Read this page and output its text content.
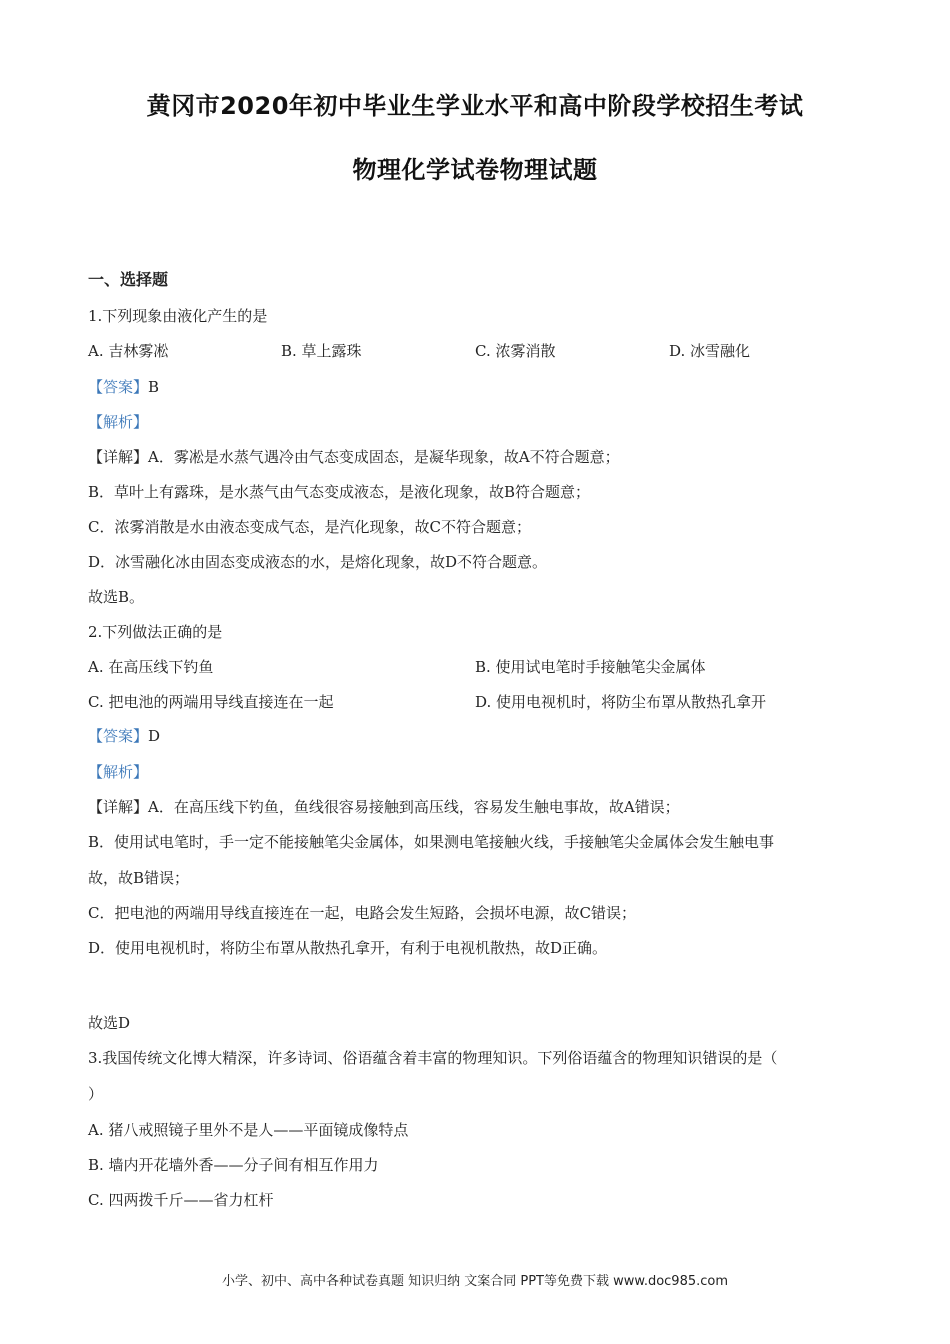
黄冈市2020年初中毕业生学业水平和高中阶段学校招生考试
物理化学试卷物理试题
一、选择题
1.下列现象由液化产生的是
A. 吉林雾凇	B. 草上露珠	C. 浓雾消散	D. 冰雪融化
【答案】B
【解析】
【详解】A．雾凇是水蒸气遇冷由气态变成固态，是凝华现象，故A不符合题意；
B．草叶上有露珠，是水蒸气由气态变成液态，是液化现象，故B符合题意；
C．浓雾消散是水由液态变成气态，是汽化现象，故C不符合题意；
D．冰雪融化冰由固态变成液态的水，是熔化现象，故D不符合题意。
故选B。
2.下列做法正确的是
A. 在高压线下钓鱼	B. 使用试电笔时手接触笔尖金属体
C. 把电池的两端用导线直接连在一起	D. 使用电视机时，将防尘布罩从散热孔拿开
【答案】D
【解析】
【详解】A．在高压线下钓鱼，鱼线很容易接触到高压线，容易发生触电事故，故A错误；
B．使用试电笔时，手一定不能接触笔尖金属体，如果测电笔接触火线，手接触笔尖金属体会发生触电事
故，故B错误；
C．把电池的两端用导线直接连在一起，电路会发生短路，会损坏电源，故C错误；
D．使用电视机时，将防尘布罩从散热孔拿开，有利于电视机散热，故D正确。
故选D
3.我国传统文化博大精深，许多诗词、俗语蕴含着丰富的物理知识。下列俗语蕴含的物理知识错误的是（
）
A. 猪八戒照镜子里外不是人——平面镜成像特点
B. 墙内开花墙外香——分子间有相互作用力
C. 四两拨千斤——省力杠杆
小学、初中、高中各种试卷真题 知识归纳 文案合同 PPT等免费下载 www.doc985.com
